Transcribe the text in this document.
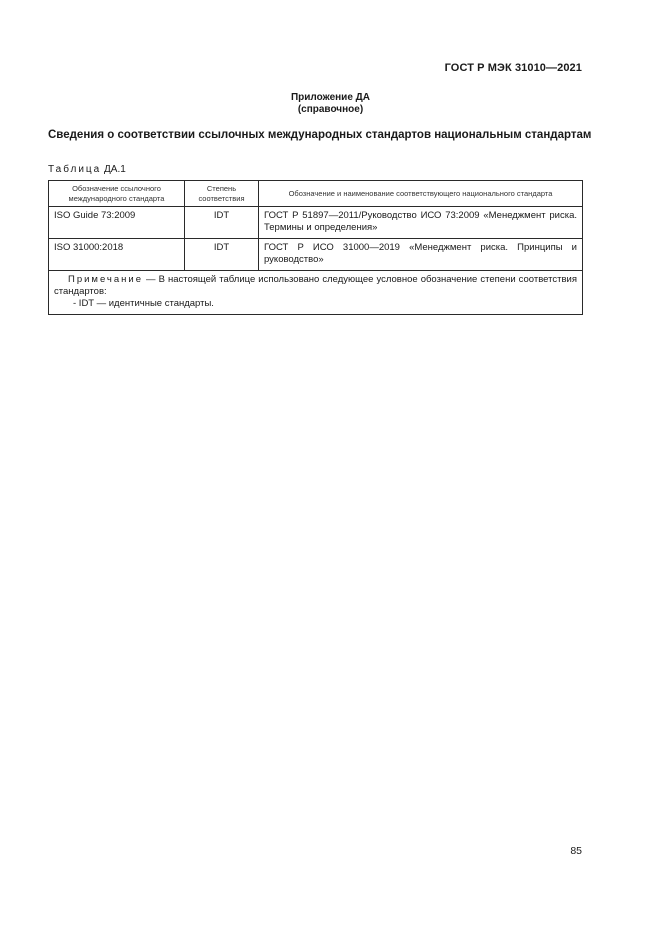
ГОСТ Р МЭК 31010—2021
Приложение ДА
(справочное)
Сведения о соответствии ссылочных международных стандартов национальным стандартам
Таблица ДА.1
Обозначение ссылочного международного стандарта	Степень соответствия	Обозначение и наименование соответствующего национального стандарта
ISO Guide 73:2009	IDT	ГОСТ Р 51897—2011/Руководство ИСО 73:2009 «Менеджмент риска. Термины и определения»
ISO 31000:2018	IDT	ГОСТ Р ИСО 31000—2019 «Менеджмент риска. Принципы и руководство»
Примечание — В настоящей таблице использовано следующее условное обозначение степени соответствия стандартов:
- IDT — идентичные стандарты.		
85
